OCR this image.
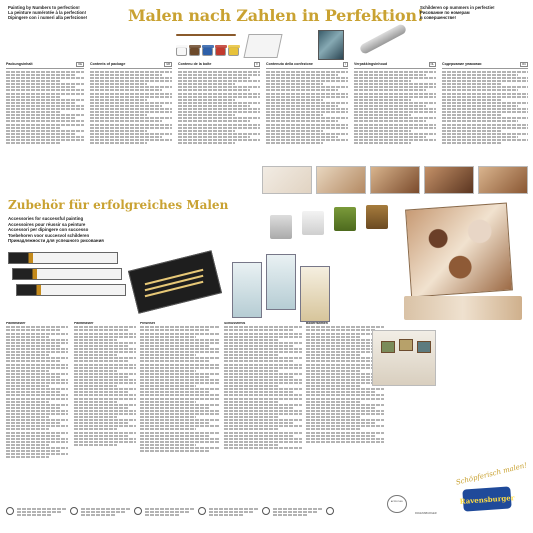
Painting by Numbers to perfection!
La peinture numérotée à la perfection!
Dipingere con i numeri alla perfezione!	Malen nach Zahlen in Perfektion!
Schilderen op nummers in perfectie!
Рисование по номерам
в совершенстве!
Packungsinhalt	DE	Contents of package	GB	Contenu de la boîte	F	Contenuto della confezione	I	Verpakkingsinhoud	NL	Содержание упаковки	RU
Zubehör für erfolgreiches Malen
Accessories for successful painting
Accessoires pour réussir sa peinture
Accessori per dipingere con successo
Toebehoren voor succesvol schilderen
Принадлежности для успешного рисования
Paintmaster	Paintmaster	Pinselset	Schlussfirnis	Bilderrahmen
Schöpferisch malen!
Ravensburger
APPROVED
RAVENSBURGER
